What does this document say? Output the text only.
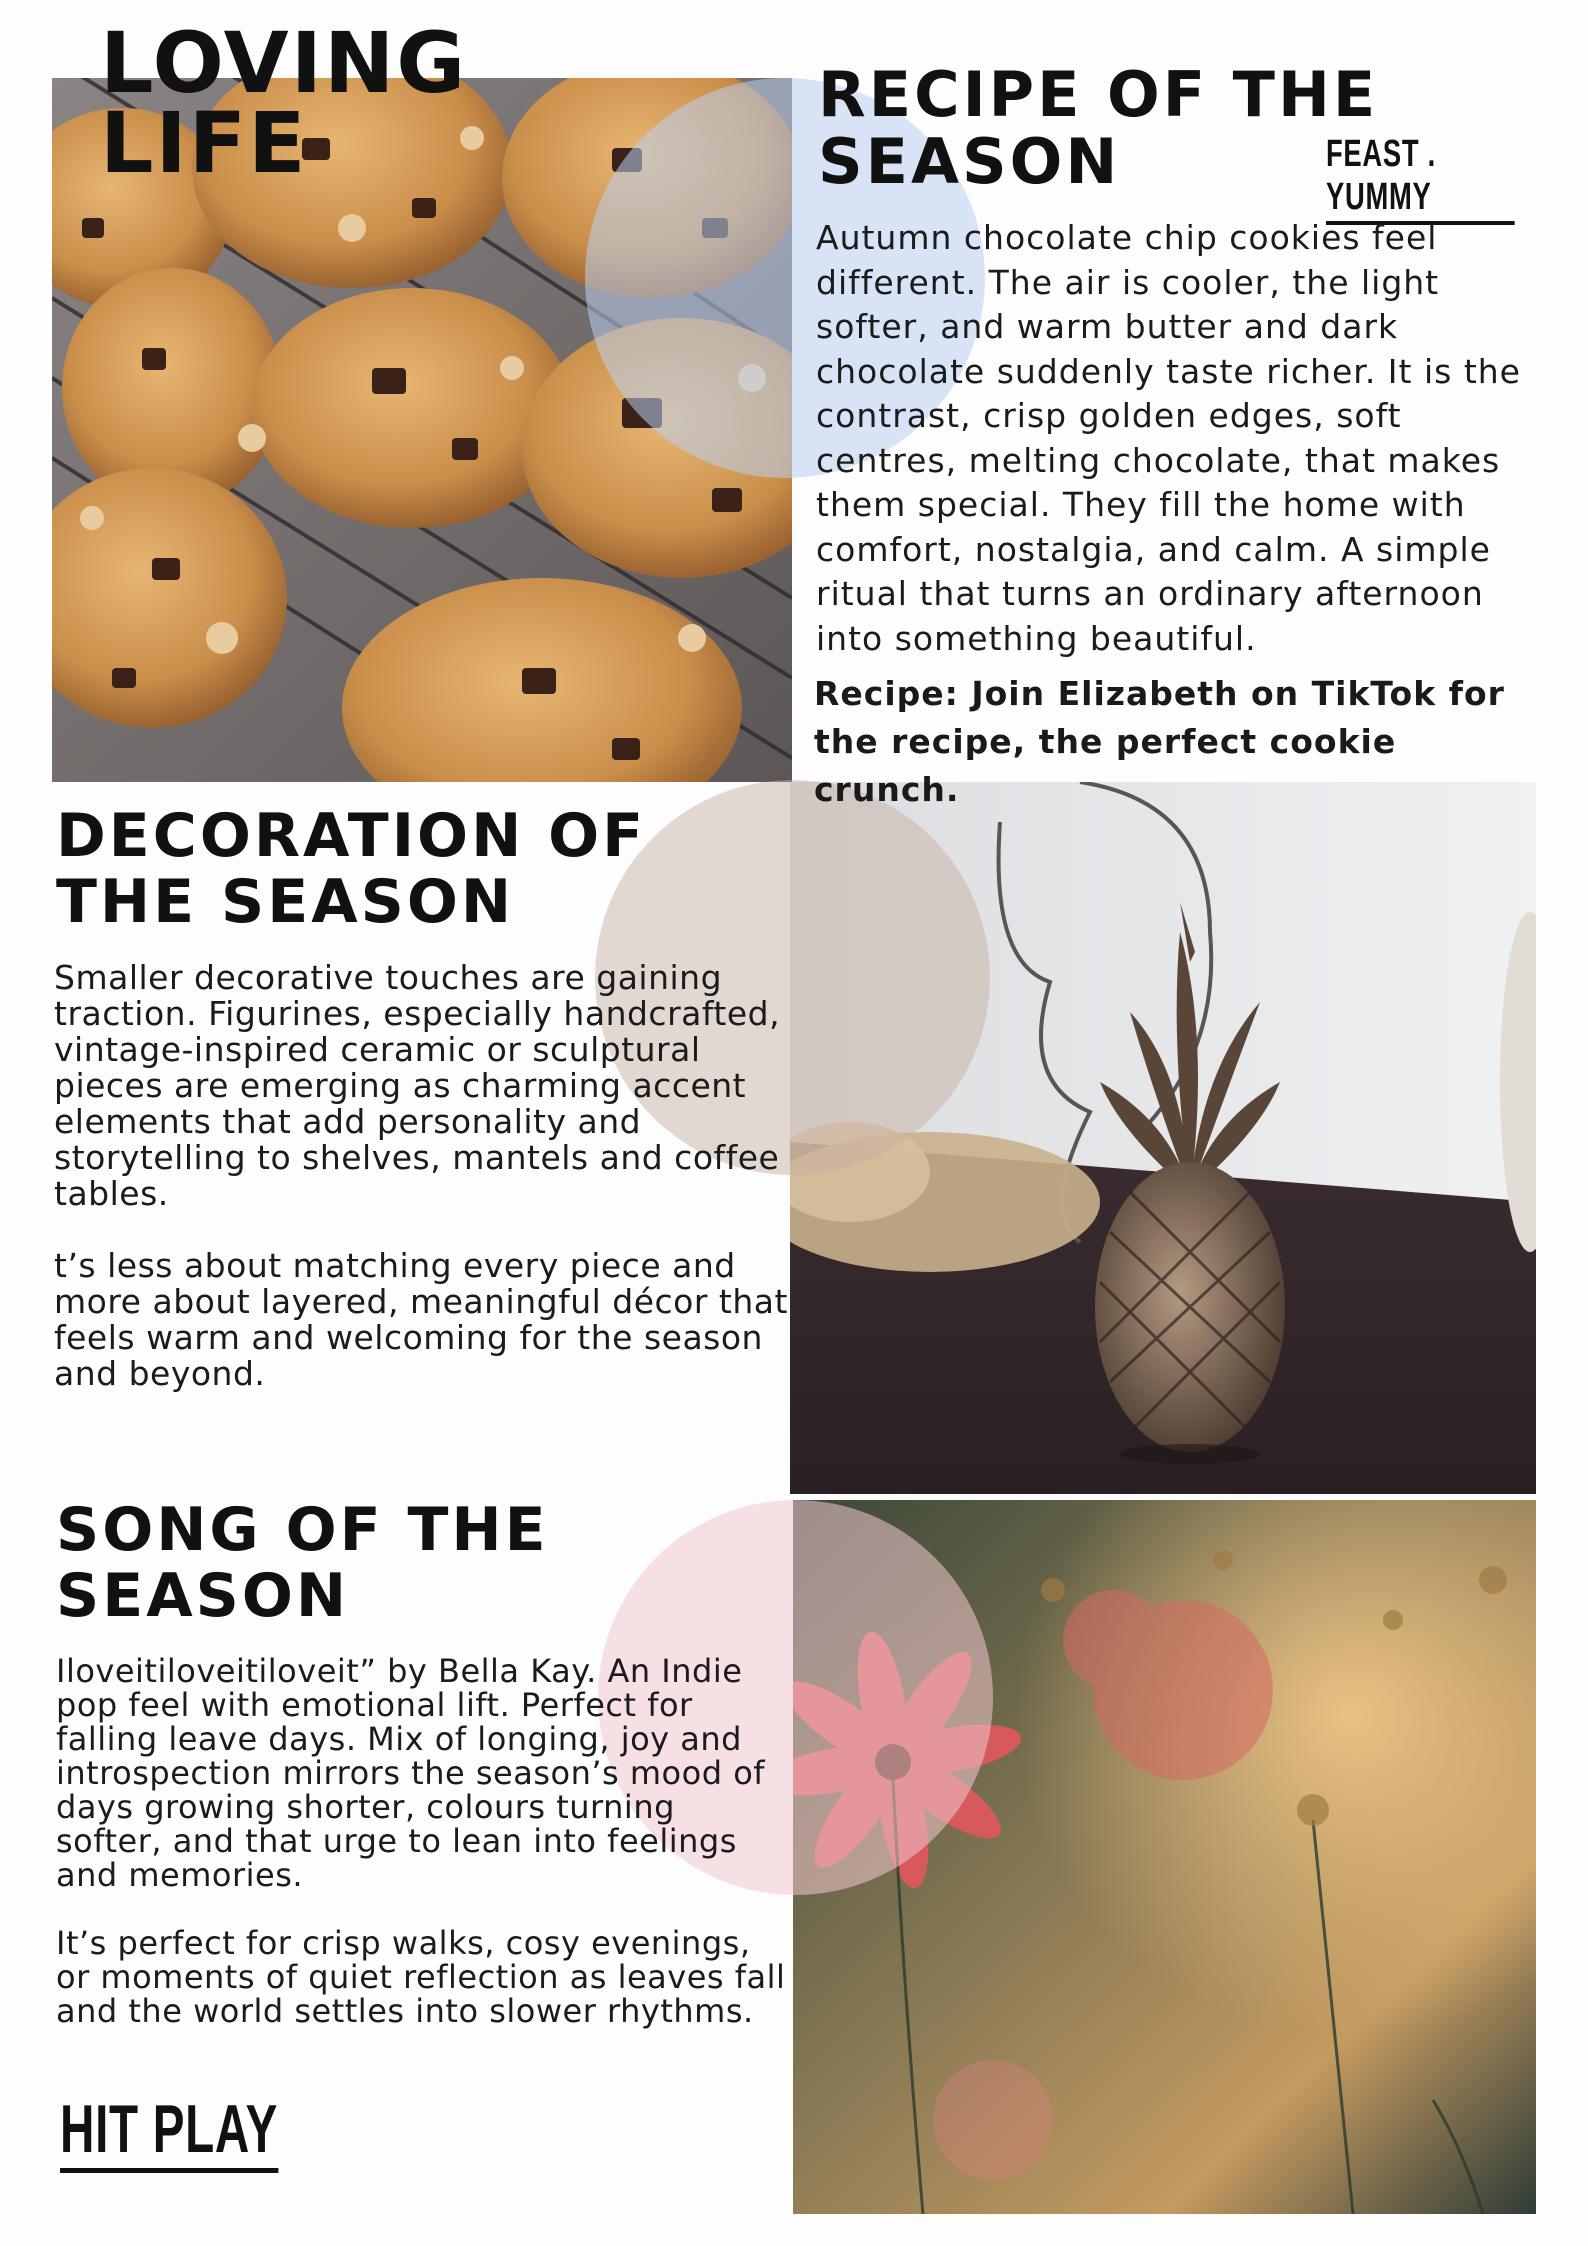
LOVING
LIFE	RECIPE OF THE
SEASON	FEAST . YUMMY

Autumn chocolate chip cookies feel different. The air is cooler, the light softer, and warm butter and dark chocolate suddenly taste richer. It is the contrast, crisp golden edges, soft centres, melting chocolate, that makes them special. They fill the home with comfort, nostalgia, and calm. A simple ritual that turns an ordinary afternoon into something beautiful.

Recipe: Join Elizabeth on TikTok for the recipe, the perfect cookie crunch.

DECORATION OF
THE SEASON

Smaller decorative touches are gaining traction. Figurines, especially handcrafted, vintage-inspired ceramic or sculptural pieces are emerging as charming accent elements that add personality and storytelling to shelves, mantels and coffee tables.

t’s less about matching every piece and more about layered, meaningful décor that feels warm and welcoming for the season and beyond.

SONG OF THE
SEASON

Iloveitiloveitiloveit” by Bella Kay. An Indie pop feel with emotional lift. Perfect for falling leave days. Mix of longing, joy and introspection mirrors the season’s mood of days growing shorter, colours turning softer, and that urge to lean into feelings and memories.

It’s perfect for crisp walks, cosy evenings, or moments of quiet reflection as leaves fall and the world settles into slower rhythms.

HIT PLAY
